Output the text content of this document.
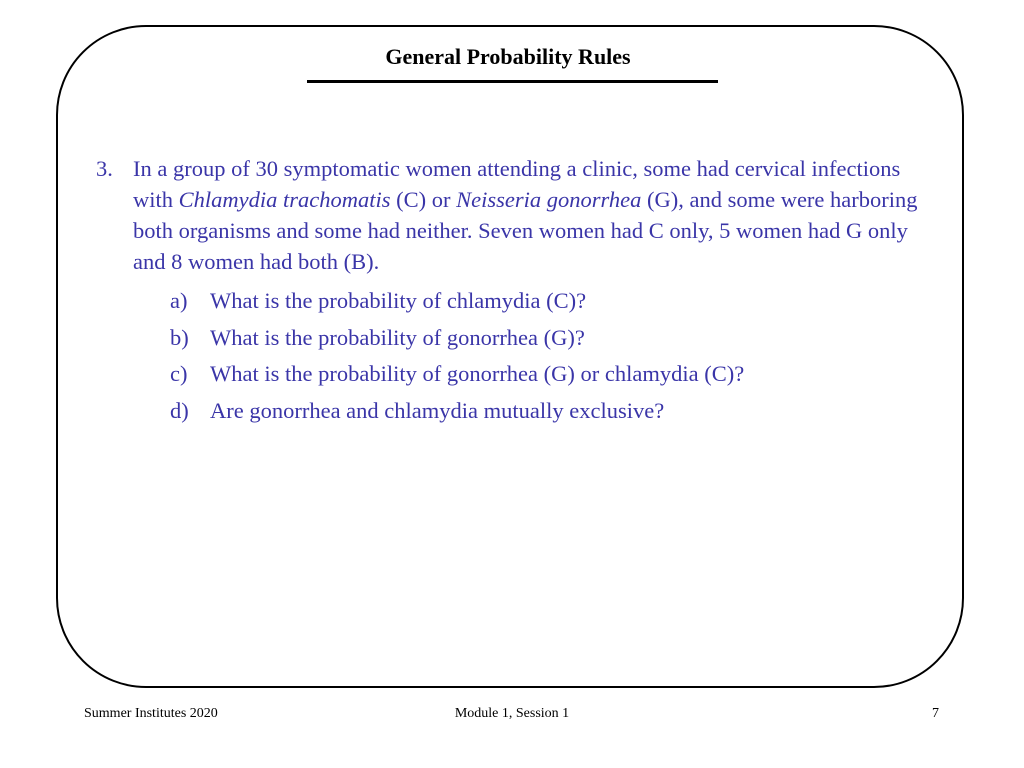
General Probability Rules
3. In a group of 30 symptomatic women attending a clinic, some had cervical infections with Chlamydia trachomatis (C) or Neisseria gonorrhea (G), and some were harboring both organisms and some had neither. Seven women had C only, 5 women had G only and 8 women had both (B).
a)	What is the probability of chlamydia (C)?
b) What is the probability of gonorrhea (G)?
c)	What is the probability of gonorrhea (G) or chlamydia (C)?
d) Are gonorrhea and chlamydia mutually exclusive?
Summer Institutes 2020	Module 1, Session 1	7
